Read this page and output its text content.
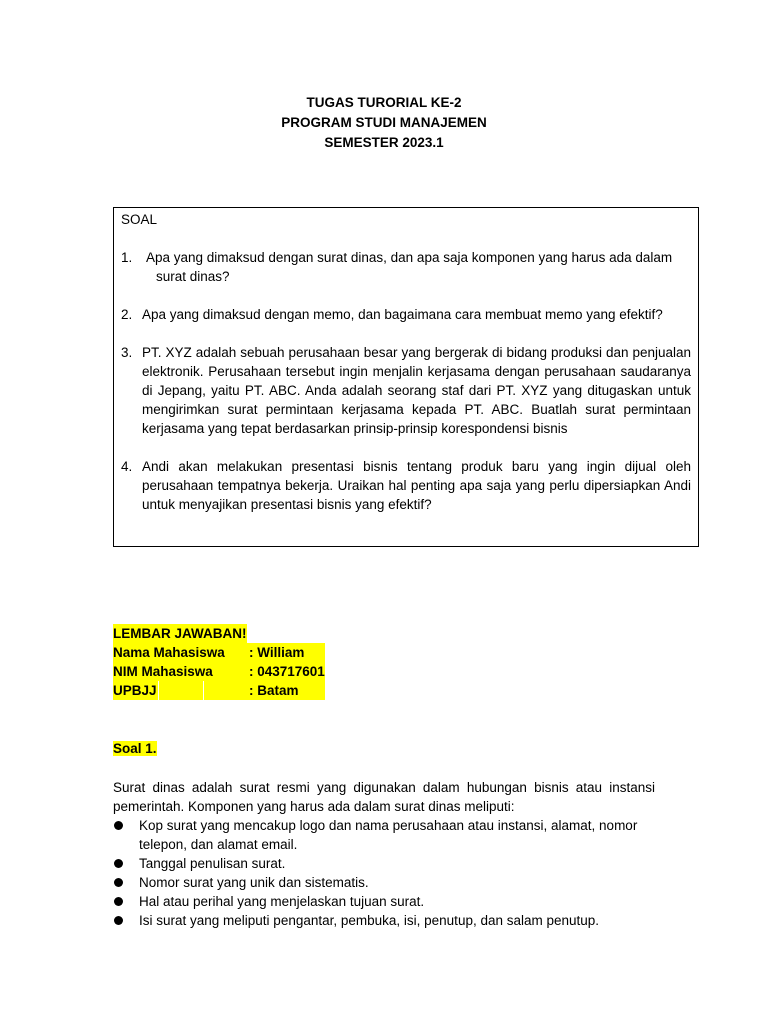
TUGAS TURORIAL KE-2
PROGRAM STUDI MANAJEMEN
SEMESTER 2023.1
SOAL
1.	Apa yang dimaksud dengan surat dinas, dan apa saja komponen yang harus ada dalam
surat dinas?
2. Apa yang dimaksud dengan memo, dan bagaimana cara membuat memo yang efektif?
3. PT. XYZ adalah sebuah perusahaan besar yang bergerak di bidang produksi dan penjualan elektronik. Perusahaan tersebut ingin menjalin kerjasama dengan perusahaan saudaranya di Jepang, yaitu PT. ABC. Anda adalah seorang staf dari PT. XYZ yang ditugaskan untuk mengirimkan surat permintaan kerjasama kepada PT. ABC. Buatlah surat permintaan kerjasama yang tepat berdasarkan prinsip-prinsip korespondensi bisnis
4. Andi akan melakukan presentasi bisnis tentang produk baru yang ingin dijual oleh perusahaan tempatnya bekerja. Uraikan hal penting apa saja yang perlu dipersiapkan Andi untuk menyajikan presentasi bisnis yang efektif?
LEMBAR JAWABAN!
Nama Mahasiswa	: William
NIM Mahasiswa	: 043717601
UPBJJ	: Batam
Soal 1.
Surat dinas adalah surat resmi yang digunakan dalam hubungan bisnis atau instansi pemerintah. Komponen yang harus ada dalam surat dinas meliputi:
Kop surat yang mencakup logo dan nama perusahaan atau instansi, alamat, nomor telepon, dan alamat email.
Tanggal penulisan surat.
Nomor surat yang unik dan sistematis.
Hal atau perihal yang menjelaskan tujuan surat.
Isi surat yang meliputi pengantar, pembuka, isi, penutup, dan salam penutup.
